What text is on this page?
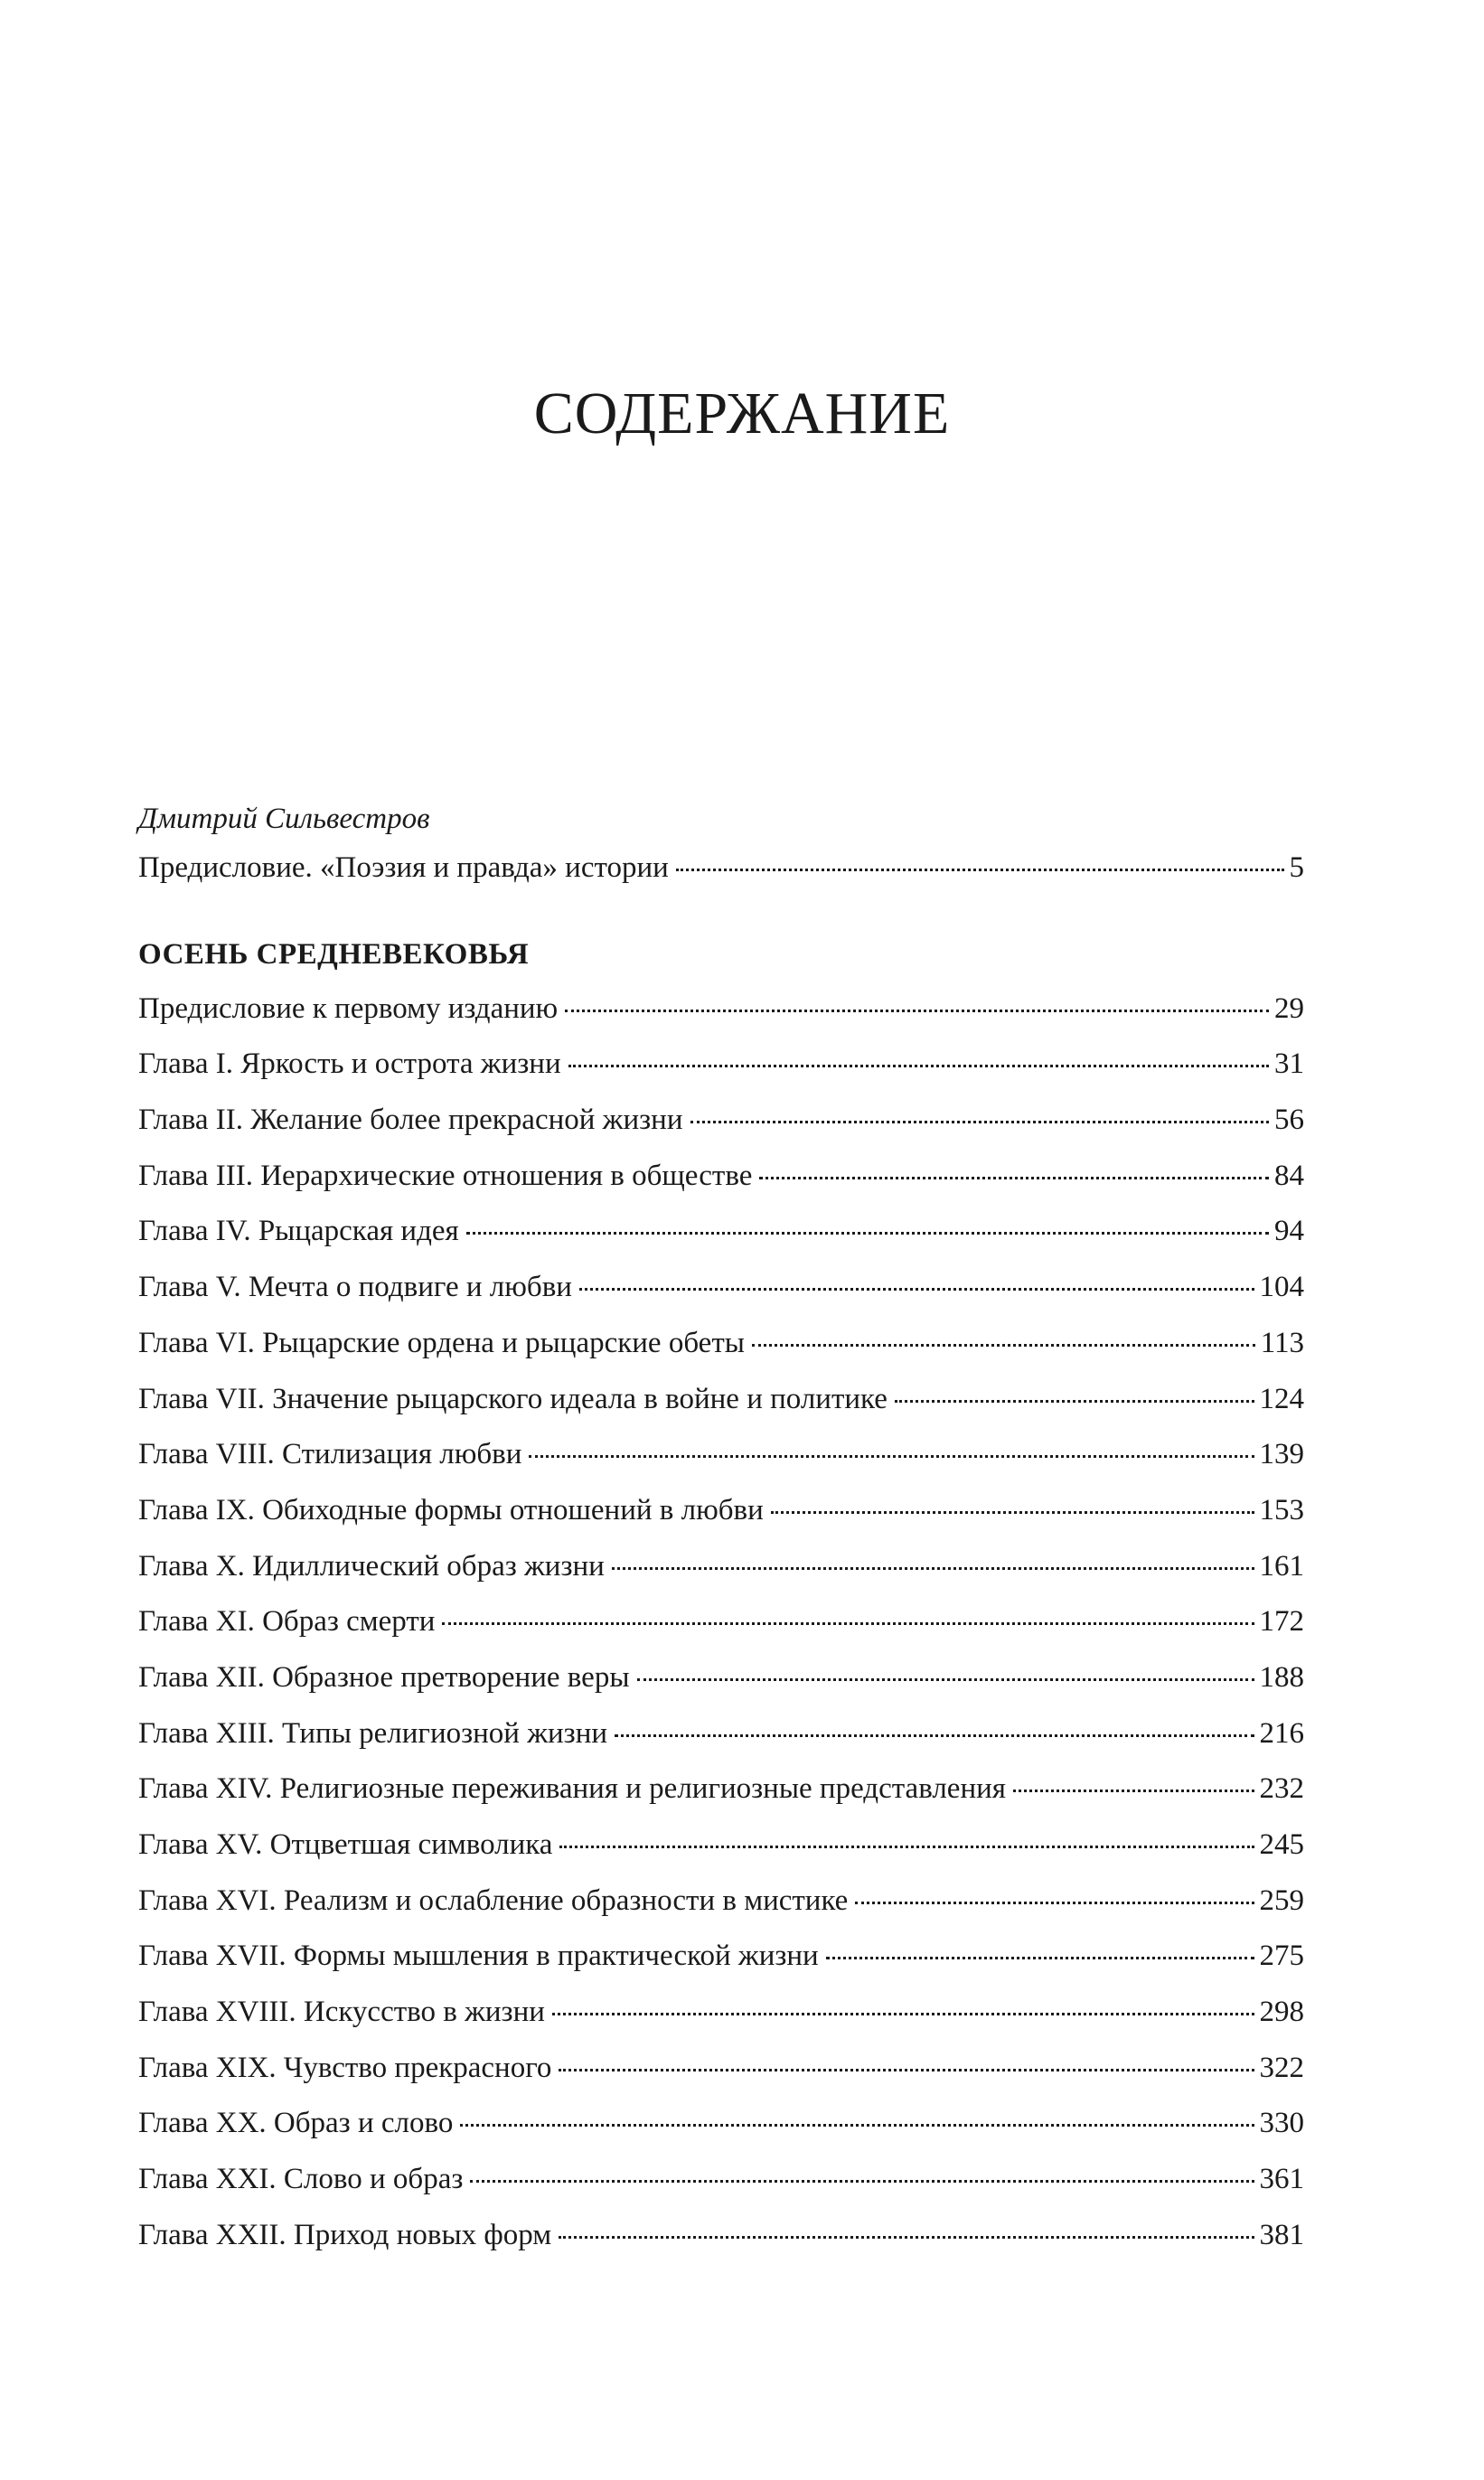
СОДЕРЖАНИЕ
Дмитрий Сильвестров
Предисловие. «Поэзия и правда» истории	5
ОСЕНЬ СРЕДНЕВЕКОВЬЯ
Предисловие к первому изданию	29
Глава I. Яркость и острота жизни	31
Глава II. Желание более прекрасной жизни	56
Глава III. Иерархические отношения в обществе	84
Глава IV. Рыцарская идея	94
Глава V. Мечта о подвиге и любви	104
Глава VI. Рыцарские ордена и рыцарские обеты	113
Глава VII. Значение рыцарского идеала в войне и политике	124
Глава VIII. Стилизация любви	139
Глава IX. Обиходные формы отношений в любви	153
Глава X. Идиллический образ жизни	161
Глава XI. Образ смерти	172
Глава XII. Образное претворение веры	188
Глава XIII. Типы религиозной жизни	216
Глава XIV. Религиозные переживания и религиозные представления	232
Глава XV. Отцветшая символика	245
Глава XVI. Реализм и ослабление образности в мистике	259
Глава XVII. Формы мышления в практической жизни	275
Глава XVIII. Искусство в жизни	298
Глава XIX. Чувство прекрасного	322
Глава XX. Образ и слово	330
Глава XXI. Слово и образ	361
Глава XXII. Приход новых форм	381
